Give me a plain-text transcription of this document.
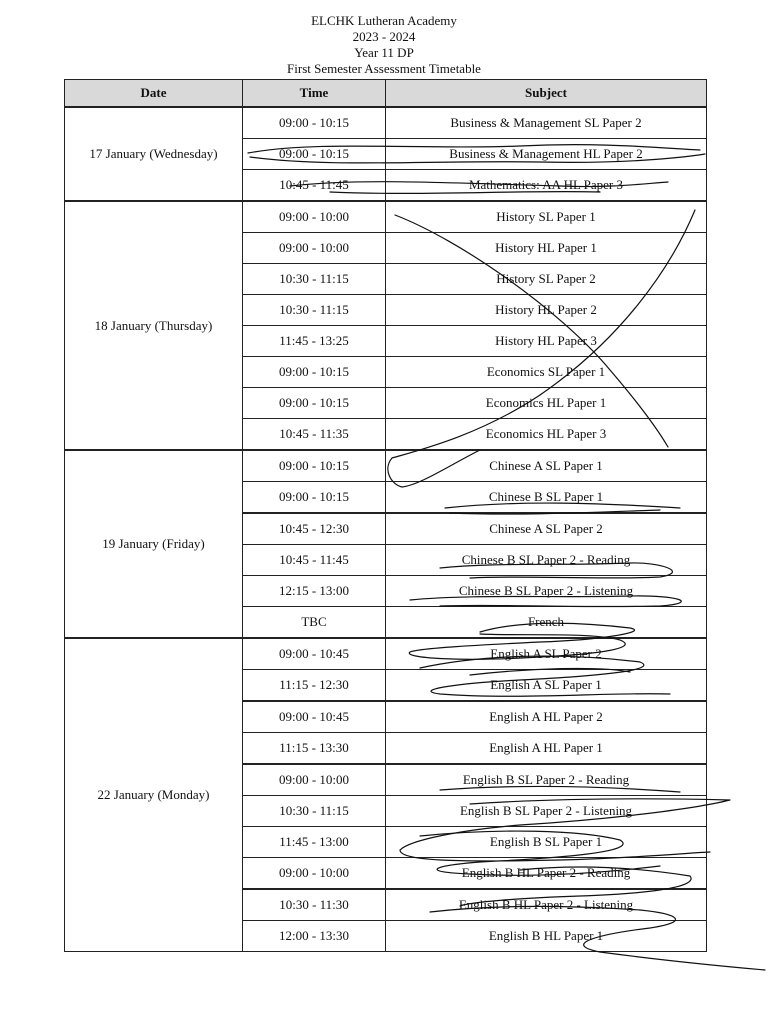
ELCHK Lutheran Academy
2023 - 2024
Year 11 DP
First Semester Assessment Timetable
Date	Time	Subject
17 January (Wednesday)	09:00 - 10:15	Business & Management SL Paper 2
	09:00 - 10:15	Business & Management HL Paper 2
	10:45 - 11:45	Mathematics: AA HL Paper 3
18 January (Thursday)	09:00 - 10:00	History SL Paper 1
	09:00 - 10:00	History HL Paper 1
	10:30 - 11:15	History SL Paper 2
	10:30 - 11:15	History HL Paper 2
	11:45 - 13:25	History HL Paper 3
	09:00 - 10:15	Economics SL Paper 1
	09:00 - 10:15	Economics HL Paper 1
	10:45 - 11:35	Economics HL Paper 3
19 January (Friday)	09:00 - 10:15	Chinese A SL Paper 1
	09:00 - 10:15	Chinese B SL Paper 1
	10:45 - 12:30	Chinese A SL Paper 2
	10:45 - 11:45	Chinese B SL Paper 2 - Reading
	12:15 - 13:00	Chinese B SL Paper 2 - Listening
	TBC	French
22 January (Monday)	09:00 - 10:45	English A SL Paper 2
	11:15 - 12:30	English A SL Paper 1
	09:00 - 10:45	English A HL Paper 2
	11:15 - 13:30	English A HL Paper 1
	09:00 - 10:00	English B SL Paper 2 - Reading
	10:30 - 11:15	English B SL Paper 2 - Listening
	11:45 - 13:00	English B SL Paper 1
	09:00 - 10:00	English B HL Paper 2 - Reading
	10:30 - 11:30	English B HL Paper 2 - Listening
	12:00 - 13:30	English B HL Paper 1
